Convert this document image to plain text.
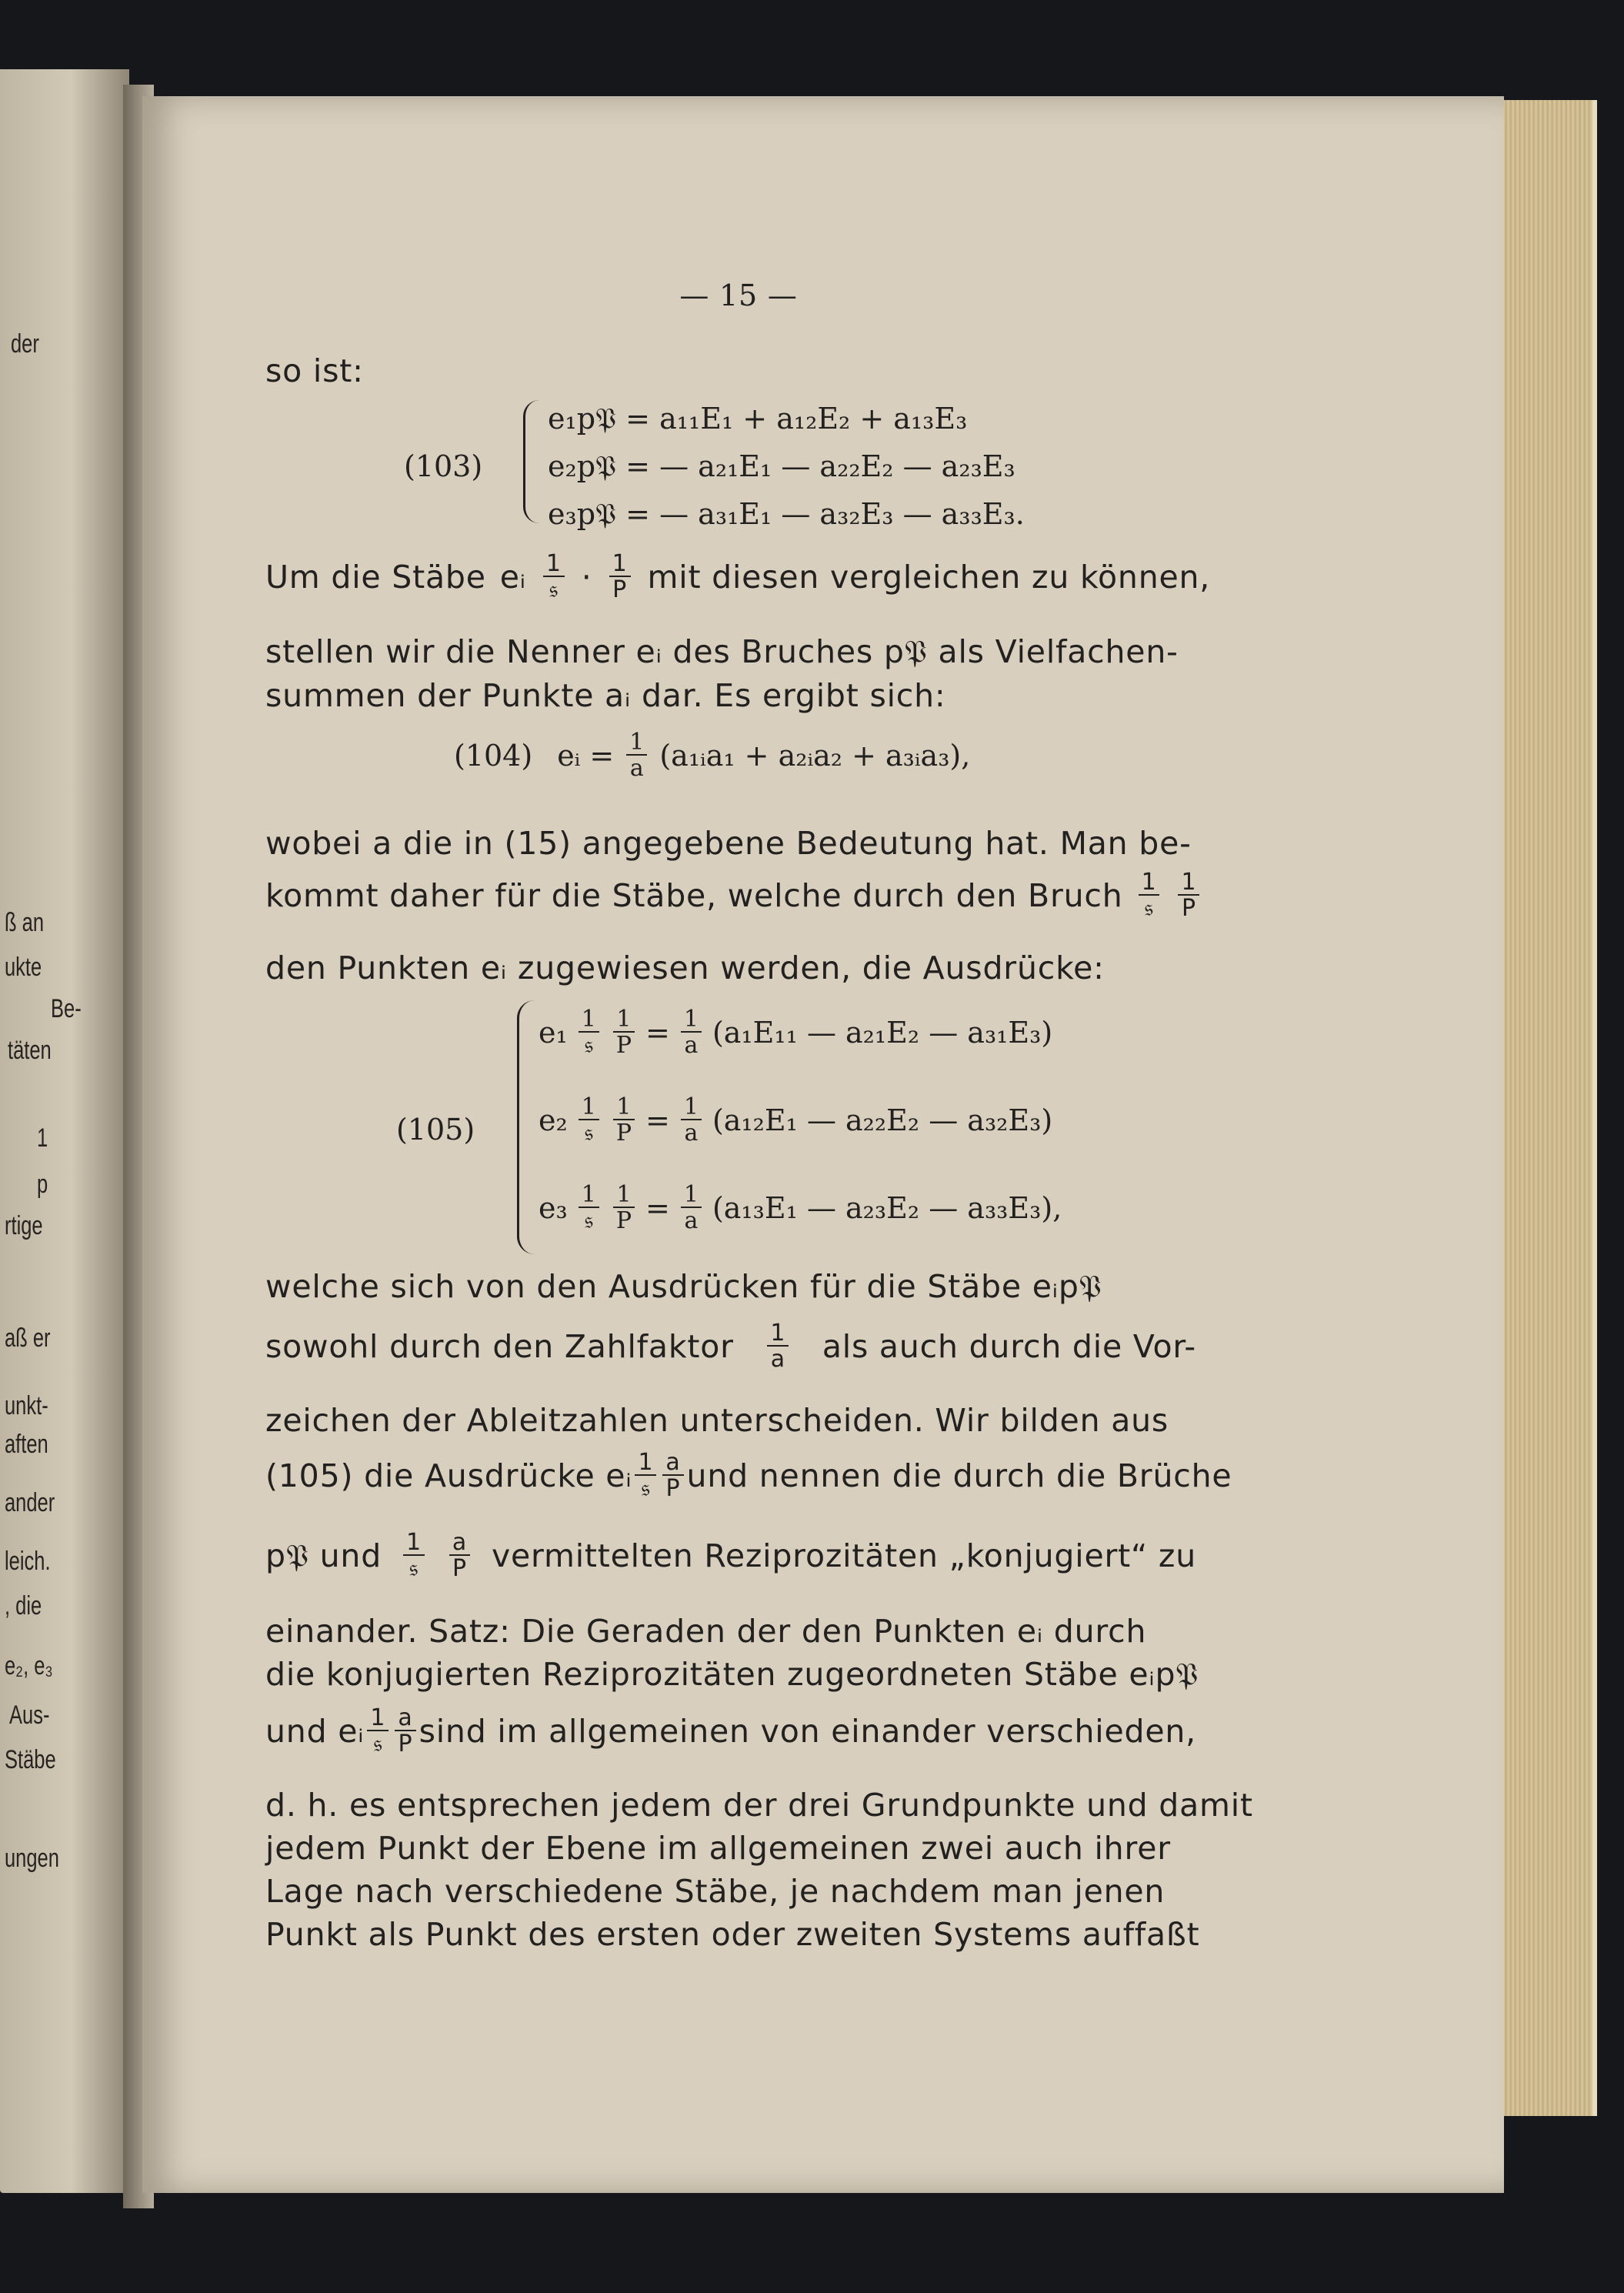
der
ß an
ukte
Be-
täten
1
p
rtige
aß er
unkt-
aften
ander
leich.
, die
e₂, e₃
Aus-
Stäbe
ungen
— 15 —
so ist:
(103)
e₁p𝔓 = a₁₁E₁ + a₁₂E₂ + a₁₃E₃
e₂p𝔓 = — a₂₁E₁ — a₂₂E₂ — a₂₃E₃
e₃p𝔓 = — a₃₁E₁ — a₃₂E₃ — a₃₃E₃.
Um die Stäbe eᵢ $\frac{1}{\text{𝔰}} \cdot \frac{1}{P}$ mit diesen vergleichen zu können,
stellen wir die Nenner eᵢ des Bruches p𝔓 als Vielfachen-
summen der Punkte aᵢ dar. Es ergibt sich:
(104) eᵢ = $\frac{1}{a}$ (a₁ᵢa₁ + a₂ᵢa₂ + a₃ᵢa₃),
wobei a die in (15) angegebene Bedeutung hat. Man be-
kommt daher für die Stäbe, welche durch den Bruch $\frac{1}{\text{𝔰}} \frac{1}{P}$
den Punkten eᵢ zugewiesen werden, die Ausdrücke:
(105)
$e_1 \frac{1}{\text{𝔰}} \frac{1}{P} = \frac{1}{a} (a_1E_{11}$ — a₂₁E₂ — a₃₁E₃)
$e_2 \frac{1}{\text{𝔰}} \frac{1}{P} = \frac{1}{a} (a_{12}E_1$ — a₂₂E₂ — a₃₂E₃)
$e_3 \frac{1}{\text{𝔰}} \frac{1}{P} = \frac{1}{a} (a_{13}E_1$ — a₂₃E₂ — a₃₃E₃),
welche sich von den Ausdrücken für die Stäbe eᵢp𝔓
sowohl durch den Zahlfaktor $\frac{1}{a}$ als auch durch die Vor-
zeichen der Ableitzahlen unterscheiden. Wir bilden aus
(105) die Ausdrücke eᵢ $\frac{1}{\text{𝔰}} \frac{a}{P}$ und nennen die durch die Brüche
p𝔓 und $\frac{1}{\text{𝔰}} \frac{a}{P}$ vermittelten Reziprozitäten „konjugiert“ zu
einander. Satz: Die Geraden der den Punkten eᵢ durch
die konjugierten Reziprozitäten zugeordneten Stäbe eᵢp𝔓
und eᵢ $\frac{1}{\text{𝔰}} \frac{a}{P}$ sind im allgemeinen von einander verschieden,
d. h. es entsprechen jedem der drei Grundpunkte und damit
jedem Punkt der Ebene im allgemeinen zwei auch ihrer
Lage nach verschiedene Stäbe, je nachdem man jenen
Punkt als Punkt des ersten oder zweiten Systems auffaßt
